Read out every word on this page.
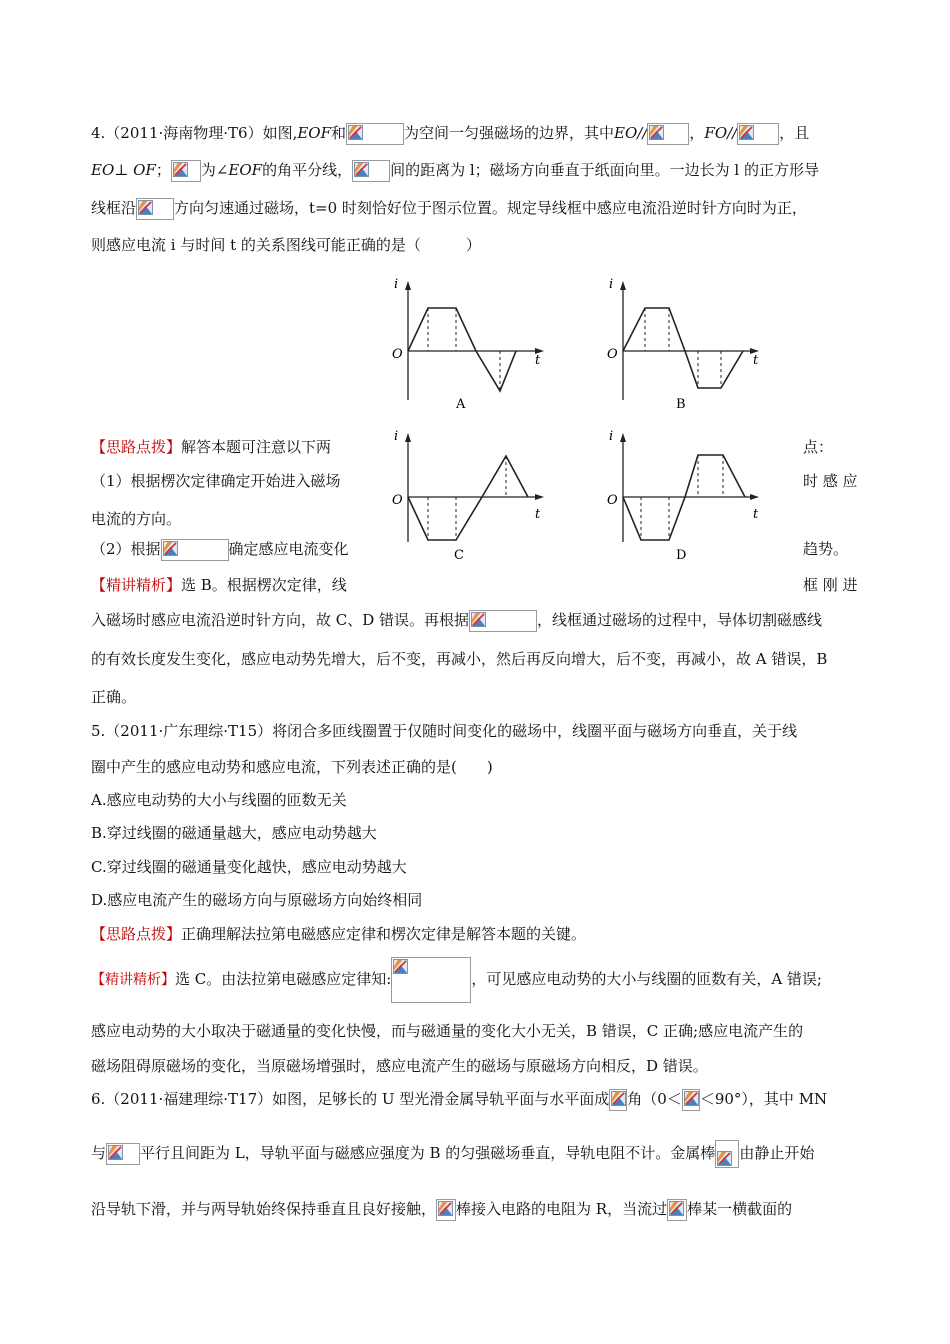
4.（2011·海南物理·T6）如图,EOF和	为空间一匀强磁场的边界，其中EO//	，FO//	，且
EO⊥ OF； 为∠EOF的角平分线，	间的距离为 l；磁场方向垂直于纸面向里。一边长为 l 的正方形导
线框沿	方向匀速通过磁场，t=0 时刻恰好位于图示位置。规定导线框中感应电流沿逆时针方向时为正，
则感应电流 i 与时间 t 的关系图线可能正确的是（　　　）
i
t
O
A
i
t
O
B
i
t
O
C
i
t
O
D
【思路点拨】解答本题可注意以下两	点：
（1）根据楞次定律确定开始进入磁场	时 感 应
电流的方向。
（2）根据	确定感应电流变化	趋势。
【精讲精析】选 B。根据楞次定律，线	框 刚 进
入磁场时感应电流沿逆时针方向，故 C、D 错误。再根据	，线框通过磁场的过程中，导体切割磁感线
的有效长度发生变化，感应电动势先增大，后不变，再减小，然后再反向增大，后不变，再减小，故 A 错误，B
正确。
5.（2011·广东理综·T15）将闭合多匝线圈置于仅随时间变化的磁场中，线圈平面与磁场方向垂直，关于线
圈中产生的感应电动势和感应电流，下列表述正确的是(　　)
A.感应电动势的大小与线圈的匝数无关
B.穿过线圈的磁通量越大，感应电动势越大
C.穿过线圈的磁通量变化越快，感应电动势越大
D.感应电流产生的磁场方向与原磁场方向始终相同
【思路点拨】正确理解法拉第电磁感应定律和楞次定律是解答本题的关键。
【精讲精析】选 C。由法拉第电磁感应定律知:	，可见感应电动势的大小与线圈的匝数有关，A 错误;
感应电动势的大小取决于磁通量的变化快慢，而与磁通量的变化大小无关，B 错误，C 正确;感应电流产生的
磁场阻碍原磁场的变化，当原磁场增强时，感应电流产生的磁场与原磁场方向相反，D 错误。
6.（2011·福建理综·T17）如图，足够长的 U 型光滑金属导轨平面与水平面成 角（0＜ ＜90°），其中 MN
与 平行且间距为 L，导轨平面与磁感应强度为 B 的匀强磁场垂直，导轨电阻不计。金属棒 由静止开始
沿导轨下滑，并与两导轨始终保持垂直且良好接触， 棒接入电路的电阻为 R，当流过 棒某一横截面的
